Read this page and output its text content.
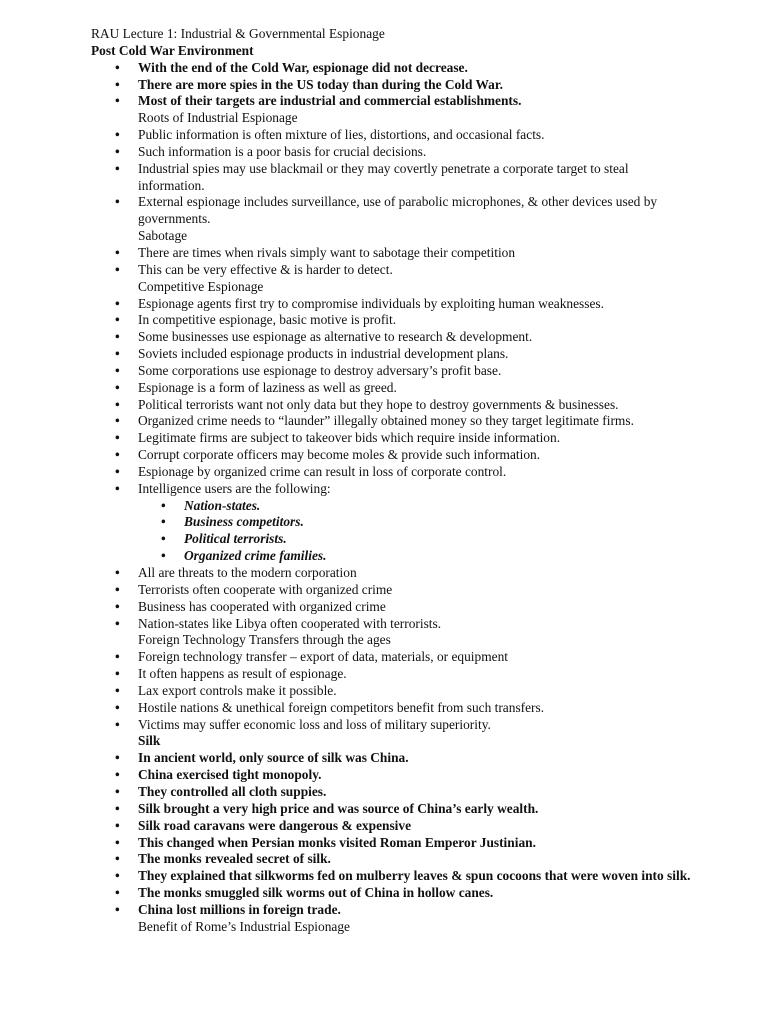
RAU Lecture 1: Industrial & Governmental Espionage
Post Cold War Environment
• With the end of the Cold War, espionage did not decrease.
• There are more spies in the US today than during the Cold War.
• Most of their targets are industrial and commercial establishments.
Roots of Industrial Espionage
• Public information is often mixture of lies, distortions, and occasional facts.
• Such information is a poor basis for crucial decisions.
• Industrial spies may use blackmail or they may covertly penetrate a corporate target to steal information.
• External espionage includes surveillance, use of parabolic microphones, & other devices used by governments.
Sabotage
• There are times when rivals simply want to sabotage their competition
• This can be very effective & is harder to detect.
Competitive Espionage
• Espionage agents first try to compromise individuals by exploiting human weaknesses.
• In competitive espionage, basic motive is profit.
• Some businesses use espionage as alternative to research & development.
• Soviets included espionage products in industrial development plans.
• Some corporations use espionage to destroy adversary’s profit base.
• Espionage is a form of laziness as well as greed.
• Political terrorists want not only data but they hope to destroy governments & businesses.
• Organized crime needs to “launder” illegally obtained money so they target legitimate firms.
• Legitimate firms are subject to takeover bids which require inside information.
• Corrupt corporate officers may become moles & provide such information.
• Espionage by organized crime can result in loss of corporate control.
• Intelligence users are the following:
• Nation-states.
• Business competitors.
• Political terrorists.
• Organized crime families.
• All are threats to the modern corporation
• Terrorists often cooperate with organized crime
• Business has cooperated with organized crime
• Nation-states like Libya often cooperated with terrorists.
Foreign Technology Transfers through the ages
• Foreign technology transfer – export of data, materials, or equipment
• It often happens as result of espionage.
• Lax export controls make it possible.
• Hostile nations & unethical foreign competitors benefit from such transfers.
• Victims may suffer economic loss and loss of military superiority.
Silk
• In ancient world, only source of silk was China.
• China exercised tight monopoly.
• They controlled all cloth suppies.
• Silk brought a very high price and was source of China’s early wealth.
• Silk road caravans were dangerous & expensive
• This changed when Persian monks visited Roman Emperor Justinian.
• The monks revealed secret of silk.
• They explained that silkworms fed on mulberry leaves & spun cocoons that were woven into silk.
• The monks smuggled silk worms out of China in hollow canes.
• China lost millions in foreign trade.
Benefit of Rome’s Industrial Espionage
